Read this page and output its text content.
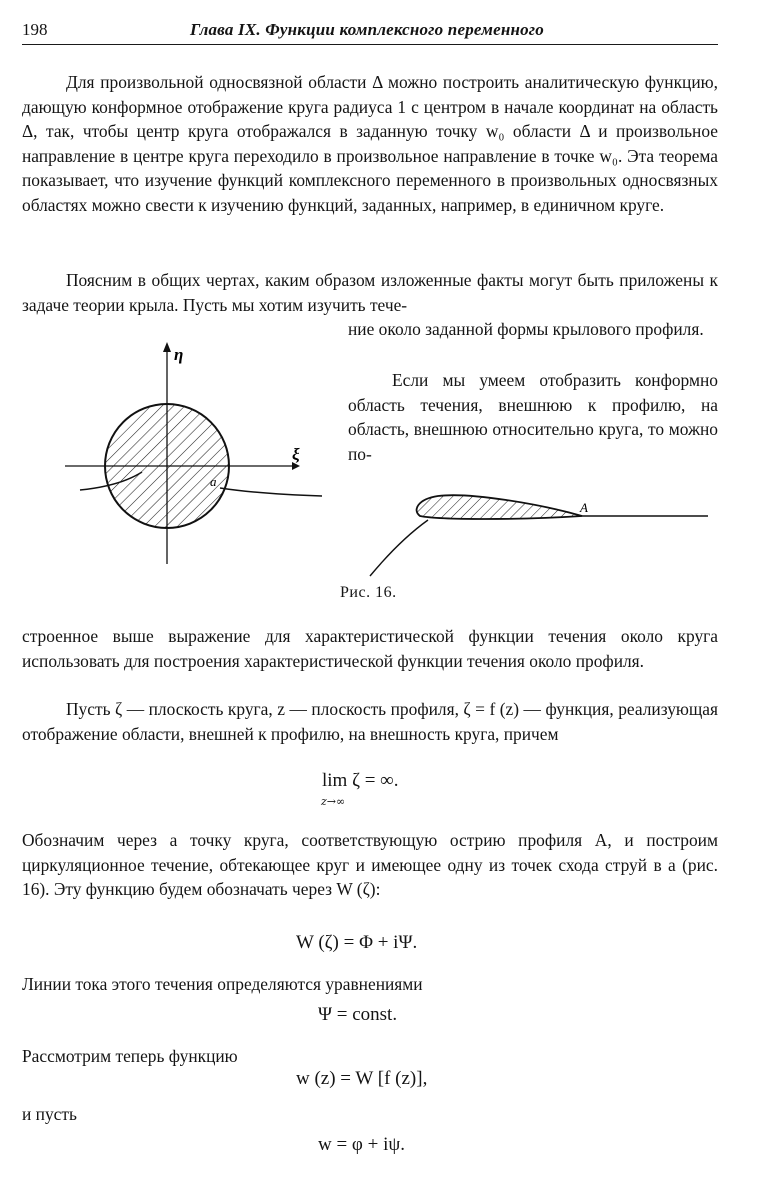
198	Глава IX. Функции комплексного переменного

Для произвольной односвязной области Δ можно построить аналитическую функцию, дающую конформное отображение круга радиуса 1 с центром в начале координат на область Δ, так, чтобы центр круга отображался в заданную точку w₀ области Δ и произвольное направление в центре круга переходило в произвольное направление в точке w₀. Эта теорема показывает, что изучение функций комплексного переменного в произвольных односвязных областях можно свести к изучению функций, заданных, например, в единичном круге.

Поясним в общих чертах, каким образом изложенные факты могут быть приложены к задаче теории крыла. Пусть мы хотим изучить тече-

ние около заданной формы крылового профиля.

Если мы умеем отобразить конформно область течения, внешнюю к профилю, на область, внешнюю относительно круга, то можно по-

η
ξ
a
A
Рис. 16.

строенное выше выражение для характеристической функции течения около круга использовать для построения характеристической функции течения около профиля.

Пусть ζ — плоскость круга, z — плоскость профиля, ζ = f (z) — функция, реализующая отображение области, внешней к профилю, на внешность круга, причем

lim ζ = ∞.
z→∞

Обозначим через a точку круга, соответствующую острию профиля A, и построим циркуляционное течение, обтекающее круг и имеющее одну из точек схода струй в a (рис. 16). Эту функцию будем обозначать через W (ζ):

W (ζ) = Φ + iΨ.

Линии тока этого течения определяются уравнениями

Ψ = const.

Рассмотрим теперь функцию

w (z) = W [f (z)],

и пусть

w = φ + iψ.
